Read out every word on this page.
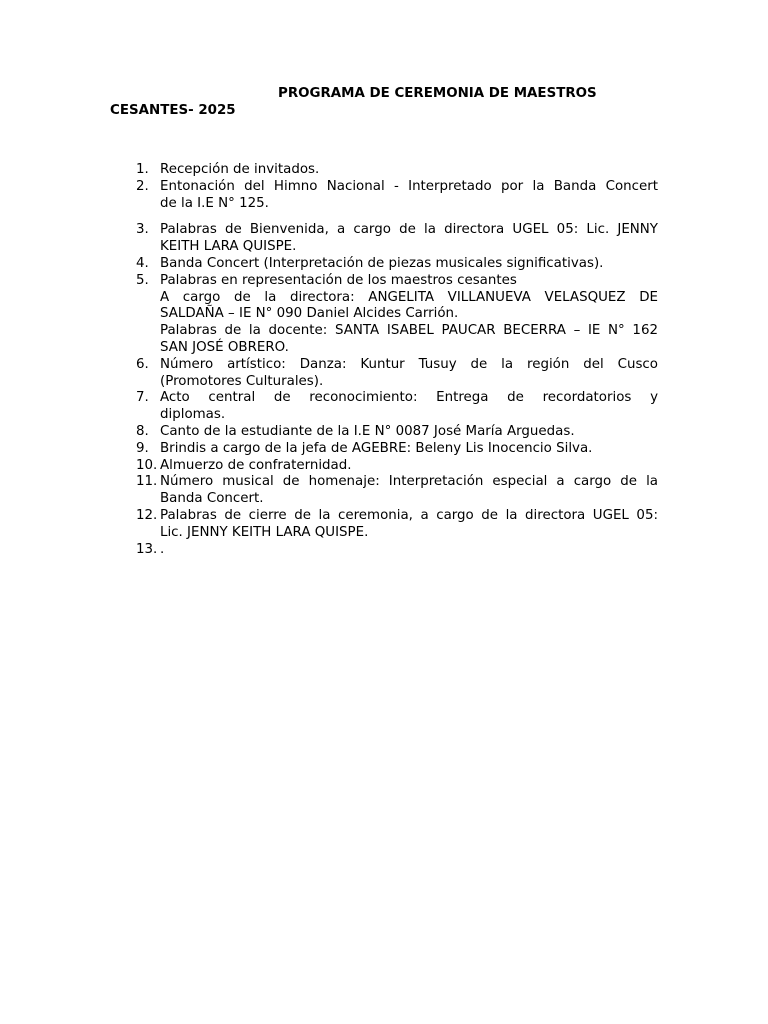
PROGRAMA DE CEREMONIA DE MAESTROS
CESANTES- 2025
1. Recepción de invitados.
2. Entonación del Himno Nacional - Interpretado por la Banda Concert
de la I.E N° 125.
3. Palabras de Bienvenida, a cargo de la directora UGEL 05: Lic. JENNY
KEITH LARA QUISPE.
4. Banda Concert (Interpretación de piezas musicales significativas).
5. Palabras en representación de los maestros cesantes
A cargo de la directora: ANGELITA VILLANUEVA VELASQUEZ DE
SALDAÑA – IE N° 090 Daniel Alcides Carrión.
Palabras de la docente: SANTA ISABEL PAUCAR BECERRA – IE N° 162
SAN JOSÉ OBRERO.
6. Número artístico: Danza: Kuntur Tusuy de la región del Cusco
(Promotores Culturales).
7. Acto central de reconocimiento: Entrega de recordatorios y
diplomas.
8. Canto de la estudiante de la I.E N° 0087 José María Arguedas.
9. Brindis a cargo de la jefa de AGEBRE: Beleny Lis Inocencio Silva.
10. Almuerzo de confraternidad.
11. Número musical de homenaje: Interpretación especial a cargo de la
Banda Concert.
12. Palabras de cierre de la ceremonia, a cargo de la directora UGEL 05:
Lic. JENNY KEITH LARA QUISPE.
13. .
